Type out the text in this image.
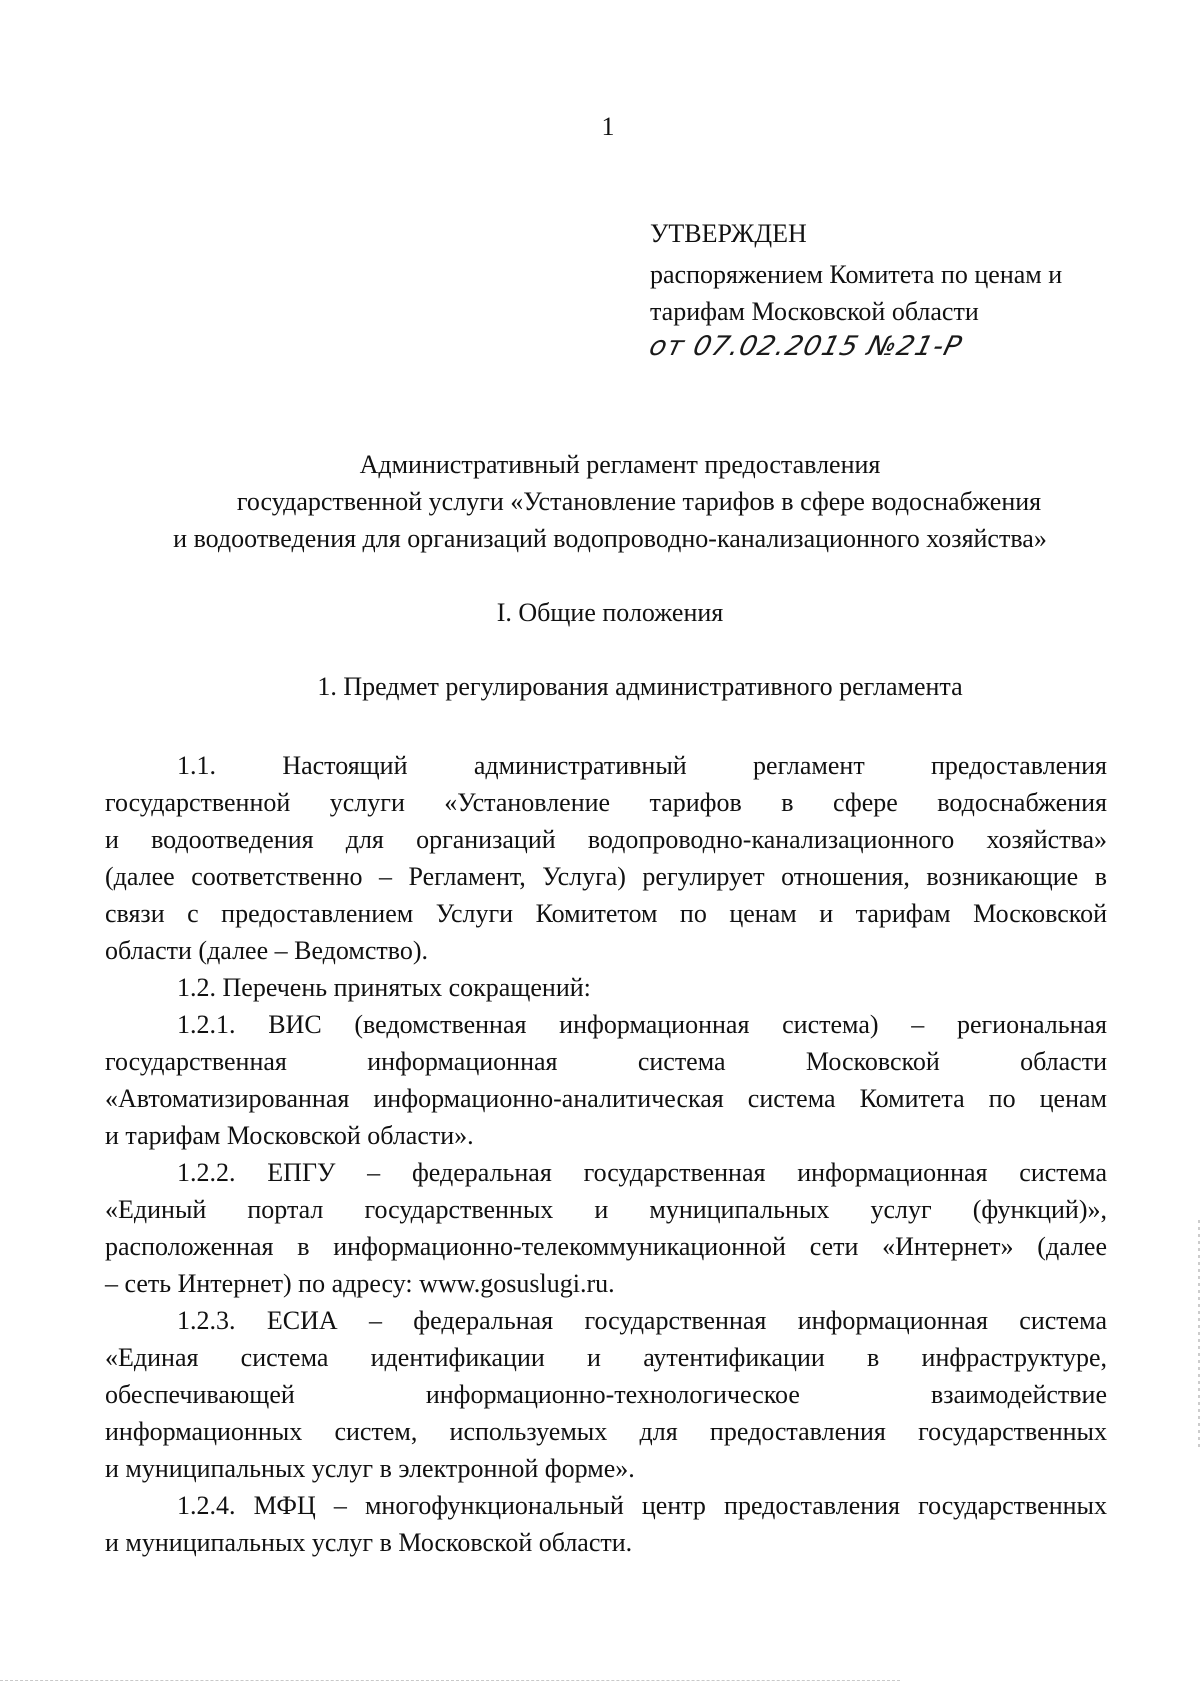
1
УТВЕРЖДЕН
распоряжением Комитета по ценам и
тарифам Московской области
от 07.02.2015 №21-Р
Административный регламент предоставления
государственной услуги «Установление тарифов в сфере водоснабжения
и водоотведения для организаций водопроводно-канализационного хозяйства»
I. Общие положения
1. Предмет регулирования административного регламента
1.1. Настоящий административный регламент предоставления
государственной услуги «Установление тарифов в сфере водоснабжения
и водоотведения для организаций водопроводно-канализационного хозяйства»
(далее соответственно – Регламент, Услуга) регулирует отношения, возникающие в
связи с предоставлением Услуги Комитетом по ценам и тарифам Московской
области (далее – Ведомство).
1.2. Перечень принятых сокращений:
1.2.1. ВИС (ведомственная информационная система) – региональная
государственная информационная система Московской области
«Автоматизированная информационно-аналитическая система Комитета по ценам
и тарифам Московской области».
1.2.2. ЕПГУ – федеральная государственная информационная система
«Единый портал государственных и муниципальных услуг (функций)»,
расположенная в информационно-телекоммуникационной сети «Интернет» (далее
– сеть Интернет) по адресу: www.gosuslugi.ru.
1.2.3. ЕСИА – федеральная государственная информационная система
«Единая система идентификации и аутентификации в инфраструктуре,
обеспечивающей информационно-технологическое взаимодействие
информационных систем, используемых для предоставления государственных
и муниципальных услуг в электронной форме».
1.2.4. МФЦ – многофункциональный центр предоставления государственных
и муниципальных услуг в Московской области.
